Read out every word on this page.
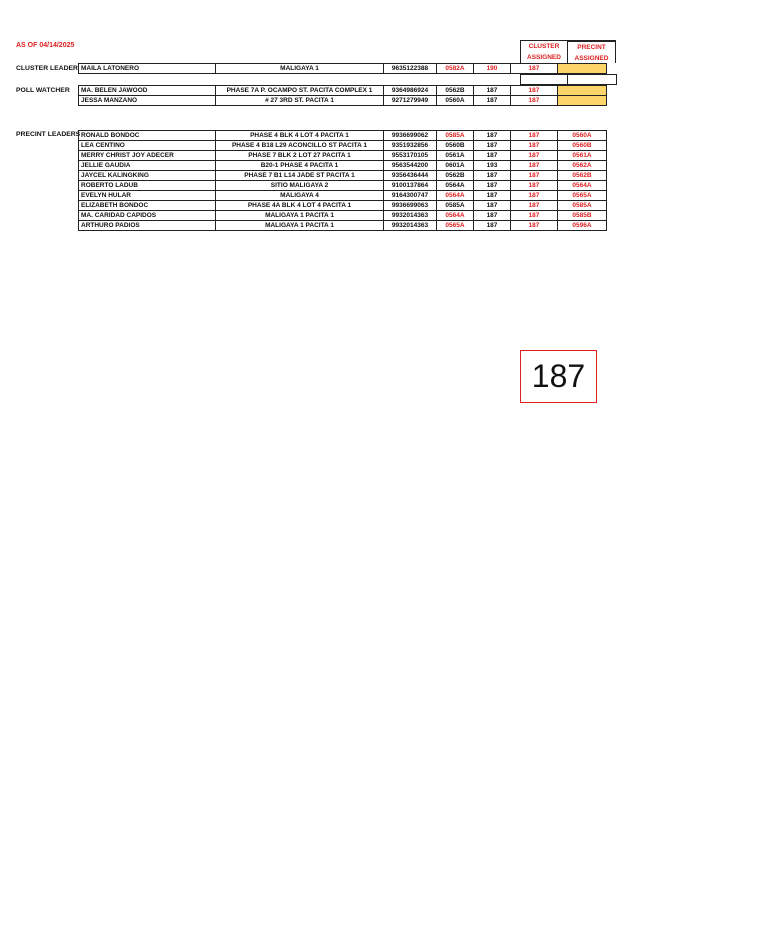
AS OF 04/14/2025	CLUSTER
ASSIGNED
PRECINT
ASSIGNED
CLUSTER LEADER MAILA LATONERO	MALIGAYA 1	9635122388	0582A	190	187	

POLL WATCHER MA. BELEN JAWOOD	PHASE 7A P. OCAMPO ST. PACITA COMPLEX 1	9364986924	0562B	187	187	
JESSA MANZANO	# 27 3RD ST. PACITA 1	9271279949	0560A	187	187	
PRECINT LEADERS RONALD BONDOC	PHASE 4 BLK 4 LOT 4 PACITA 1	9936699062	0585A	187	187	0560A
LEA CENTINO	PHASE 4 B18 L29 ACONCILLO ST PACITA 1	9351932856	0560B	187	187	0560B
MERRY CHRIST JOY ADECER	PHASE 7 BLK 2 LOT 27 PACITA 1	9553170105	0561A	187	187	0561A
JELLIE GAUDIA	B20-1 PHASE 4 PACITA 1	9563544200	0601A	193	187	0562A
JAYCEL KALINGKING	PHASE 7 B1 L14 JADE ST PACITA 1	9356436444	0562B	187	187	0562B
ROBERTO LADUB	SITIO MALIGAYA 2	9100137864	0564A	187	187	0564A
EVELYN HULAR	MALIGAYA 4	9164300747	0564A	187	187	0565A
ELIZABETH BONDOC	PHASE 4A BLK 4 LOT 4 PACITA 1	9936699063	0585A	187	187	0585A
MA. CARIDAD CAPIDOS	MALIGAYA 1 PACITA 1	9932014363	0564A	187	187	0585B
ARTHURO PADIOS	MALIGAYA 1 PACITA 1	9932014363	0565A	187	187	0596A
187
